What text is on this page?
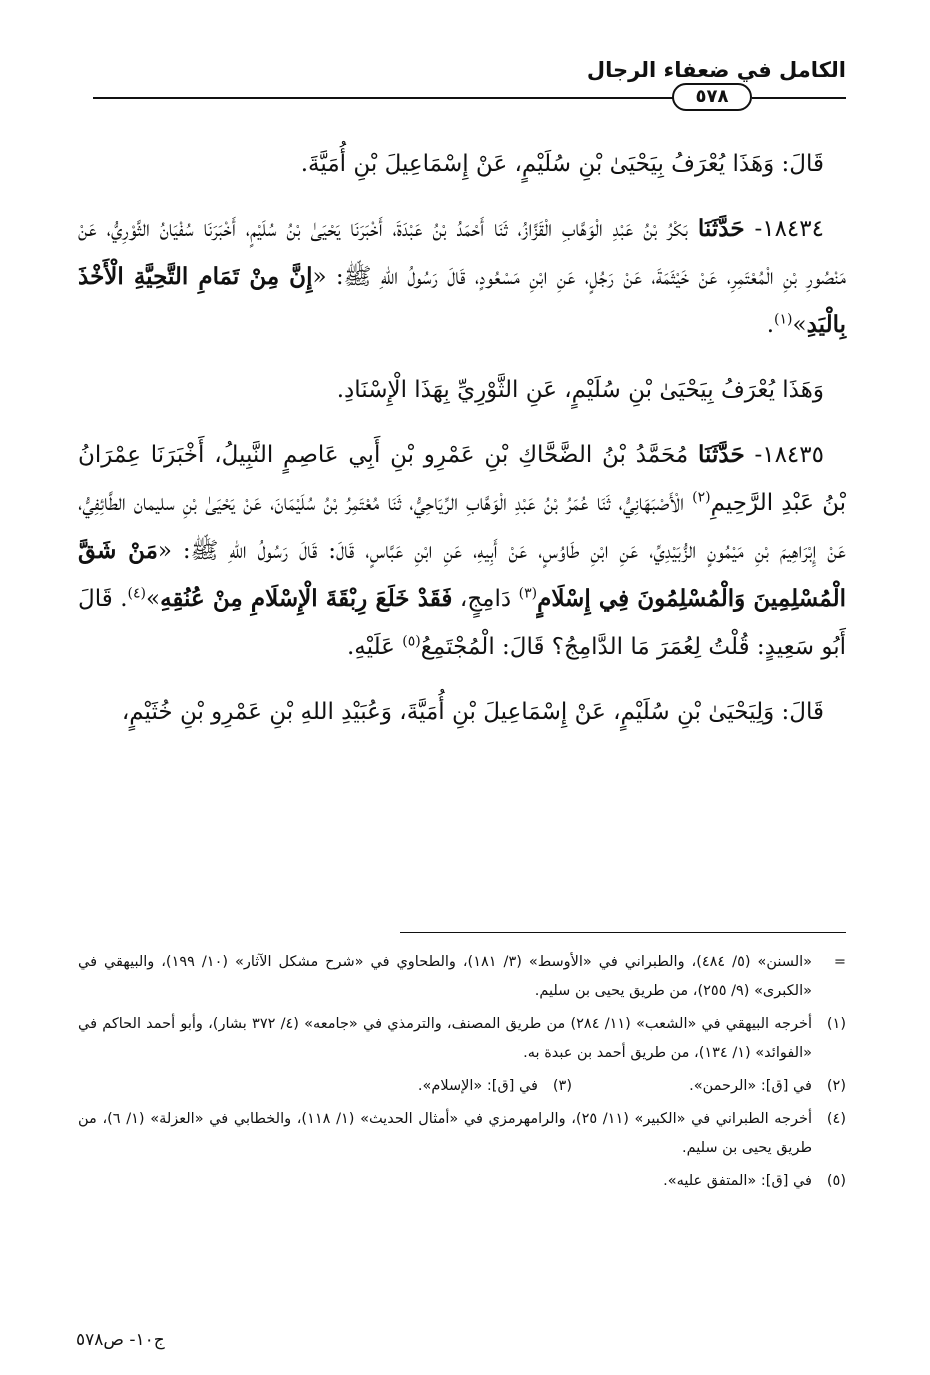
الكامل في ضعفاء الرجال
٥٧٨

قَالَ: وَهَذَا يُعْرَفُ بِيَحْيَىٰ بْنِ سُلَيْمٍ، عَنْ إِسْمَاعِيلَ بْنِ أُمَيَّةَ.

١٨٤٣٤- حَدَّثَنَا بَكْرُ بْنُ عَبْدِ الْوَهَّابِ الْقَزَّازُ، ثَنَا أَحْمَدُ بْنُ عَبْدَةَ، أَخْبَرَنَا يَحْيَىٰ بْنُ سُلَيْمٍ، أَخْبَرَنَا سُفْيَانُ الثَّوْرِيُّ، عَنْ مَنْصُورِ بْنِ الْمُعْتَمِرِ، عَنْ خَيْثَمَةَ، عَنْ رَجُلٍ، عَنِ ابْنِ مَسْعُودٍ، قَالَ رَسُولُ اللهِ ﷺ: «إِنَّ مِنْ تَمَامِ التَّحِيَّةِ الْأَخْذَ بِالْيَدِ»$^{(١)}$.

وَهَذَا يُعْرَفُ بِيَحْيَىٰ بْنِ سُلَيْمٍ، عَنِ الثَّوْرِيِّ بِهَذَا الْإِسْنَادِ.

١٨٤٣٥- حَدَّثَنَا مُحَمَّدُ بْنُ الضَّحَّاكِ بْنِ عَمْرِو بْنِ أَبِي عَاصِمٍ النَّبِيلُ، أَخْبَرَنَا عِمْرَانُ بْنُ عَبْدِ الرَّحِيمِ$^{(٢)}$ الْأَصْبَهَانِيُّ، ثَنَا عُمَرُ بْنُ عَبْدِ الْوَهَّابِ الرِّيَاحِيُّ، ثَنَا مُعْتَمِرُ بْنُ سُلَيْمَانَ، عَنْ يَحْيَىٰ بْنِ سليمان الطَّائِفِيُّ، عَنْ إِبْرَاهِيمَ بْنِ مَيْمُونٍ الزُّبَيْدِيِّ، عَنِ ابْنِ طَاوُسٍ، عَنْ أَبِيهِ، عَنِ ابْنِ عَبَّاسٍ، قَالَ: قَالَ رَسُولُ اللهِ ﷺ: «مَنْ شَقَّ الْمُسْلِمِينَ وَالْمُسْلِمُونَ فِي إِسْلَامٍ$^{(٣)}$ دَامِجٍ، فَقَدْ خَلَعَ رِبْقَةَ الْإِسْلَامِ مِنْ عُنُقِهِ»$^{(٤)}$. قَالَ أَبُو سَعِيدٍ: قُلْتُ لِعُمَرَ مَا الدَّامِجُ؟ قَالَ: الْمُجْتَمِعُ$^{(٥)}$ عَلَيْهِ.

قَالَ: وَلِيَحْيَىٰ بْنِ سُلَيْمٍ، عَنْ إِسْمَاعِيلَ بْنِ أُمَيَّةَ، وَعُبَيْدِ اللهِ بْنِ عَمْرِو بْنِ خُثَيْمٍ،

=
«السنن» (٥/ ٤٨٤)، والطبراني في «الأوسط» (٣/ ١٨١)، والطحاوي في «شرح مشكل الآثار» (١٠/ ١٩٩)، والبيهقي في «الكبرى» (٩/ ٢٥٥)، من طريق يحيى بن سليم.
(١)
أخرجه البيهقي في «الشعب» (١١/ ٢٨٤) من طريق المصنف، والترمذي في «جامعه» (٤/ ٣٧٢ بشار)، وأبو أحمد الحاكم في «الفوائد» (١/ ١٣٤)، من طريق أحمد بن عبدة به.
(٢)
في [ق]: «الرحمن».
(٣)
في [ق]: «الإسلام».
(٤)
أخرجه الطبراني في «الكبير» (١١/ ٢٥)، والرامهرمزي في «أمثال الحديث» (١/ ١١٨)، والخطابي في «العزلة» (١/ ٦)، من طريق يحيى بن سليم.
(٥)
في [ق]: «المتفق عليه».
ج١٠- ص٥٧٨
